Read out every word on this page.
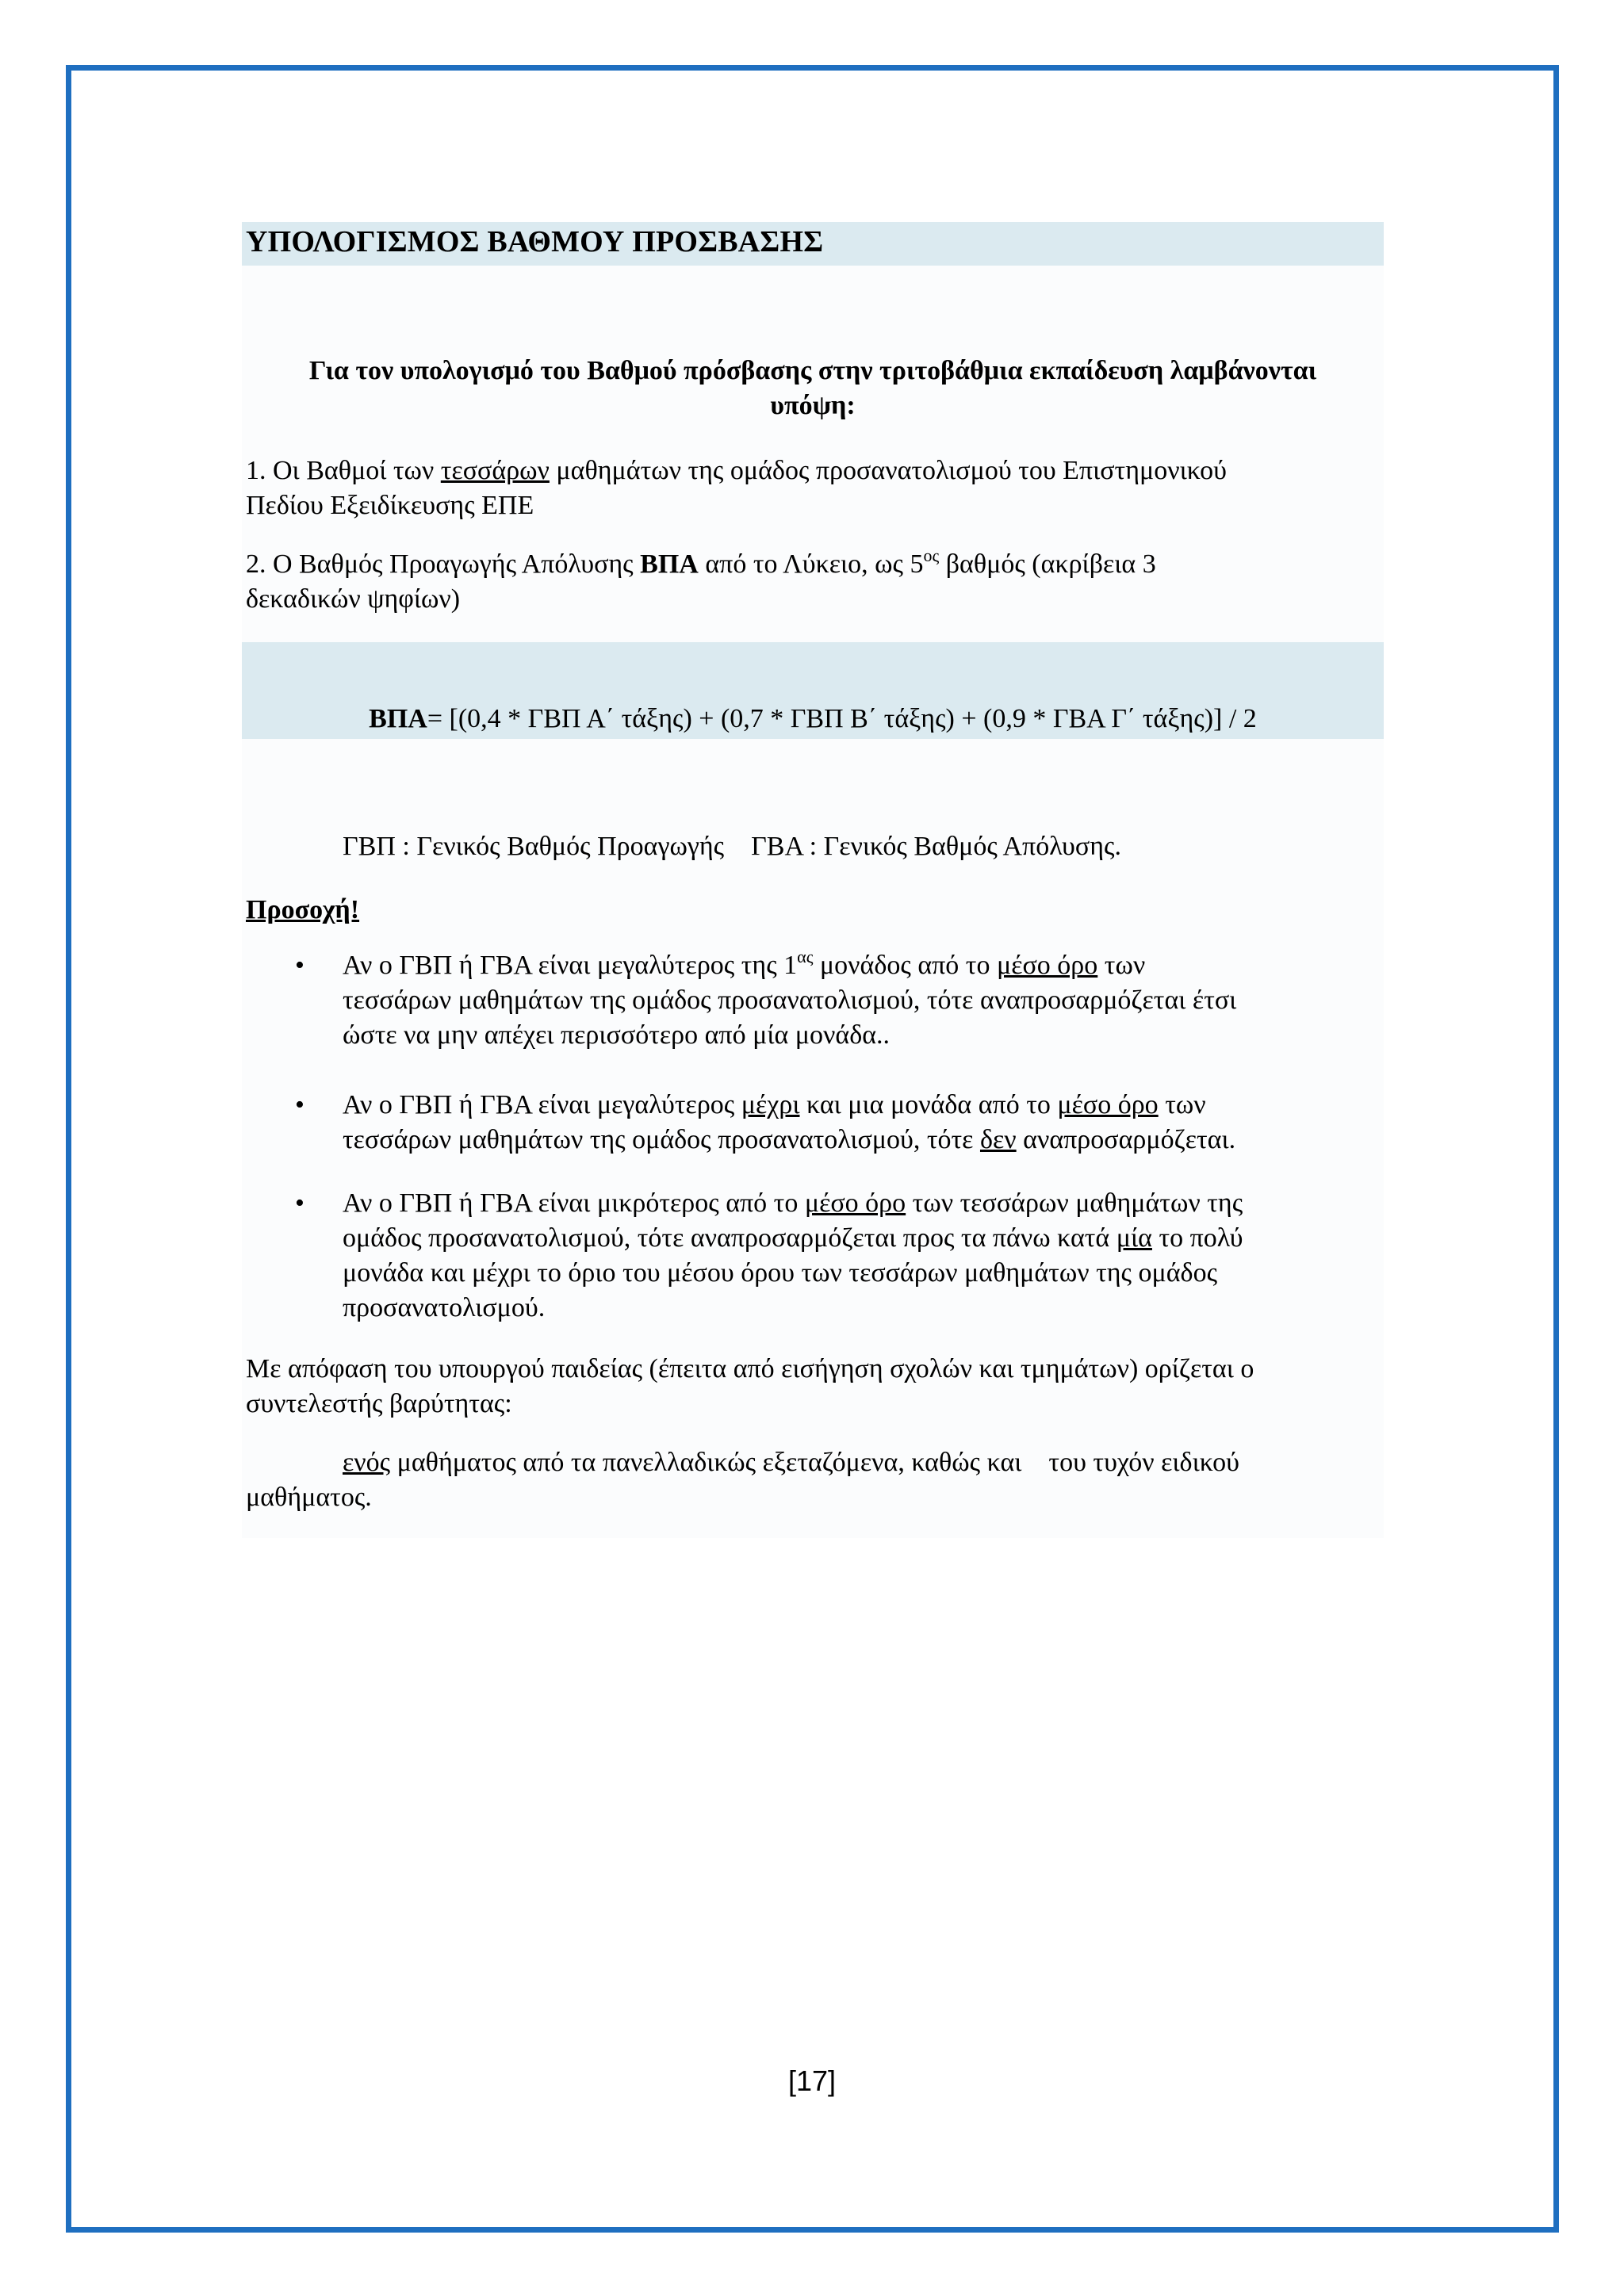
ΥΠΟΛΟΓΙΣΜΟΣ ΒΑΘΜΟΥ ΠΡΟΣΒΑΣΗΣ
Για τον υπολογισμό του Βαθμού πρόσβασης στην τριτοβάθμια εκπαίδευση λαμβάνονται
υπόψη:
1. Οι Βαθμοί των τεσσάρων μαθημάτων της ομάδος προσανατολισμού του Επιστημονικού
Πεδίου Εξειδίκευσης ΕΠΕ
2. Ο Βαθμός Προαγωγής Απόλυσης ΒΠΑ από το Λύκειο, ως $5^{o\varsigma}$ βαθμός (ακρίβεια 3
δεκαδικών ψηφίων)
ΒΠΑ= [(0,4 * ΓΒΠ Α΄ τάξης) + (0,7 * ΓΒΠ Β΄ τάξης) + (0,9 * ΓΒΑ Γ΄ τάξης)] / 2
ΓΒΠ : Γενικός Βαθμός Προαγωγής    ΓΒΑ : Γενικός Βαθμός Απόλυσης.
Προσοχή!
• Αν ο ΓΒΠ ή ΓΒΑ είναι μεγαλύτερος της $1^{\alpha\varsigma}$ μονάδος από το μέσο όρο των
τεσσάρων μαθημάτων της ομάδος προσανατολισμού, τότε αναπροσαρμόζεται έτσι
ώστε να μην απέχει περισσότερο από μία μονάδα..
• Αν ο ΓΒΠ ή ΓΒΑ είναι μεγαλύτερος μέχρι και μια μονάδα από το μέσο όρο των
τεσσάρων μαθημάτων της ομάδος προσανατολισμού, τότε δεν αναπροσαρμόζεται.
• Αν ο ΓΒΠ ή ΓΒΑ είναι μικρότερος από το μέσο όρο των τεσσάρων μαθημάτων της
ομάδος προσανατολισμού, τότε αναπροσαρμόζεται προς τα πάνω κατά μία το πολύ
μονάδα και μέχρι το όριο του μέσου όρου των τεσσάρων μαθημάτων της ομάδος
προσανατολισμού.
Με απόφαση του υπουργού παιδείας (έπειτα από εισήγηση σχολών και τμημάτων) ορίζεται ο
συντελεστής βαρύτητας:
ενός μαθήματος από τα πανελλαδικώς εξεταζόμενα, καθώς και    του τυχόν ειδικού
μαθήματος.
[17]
